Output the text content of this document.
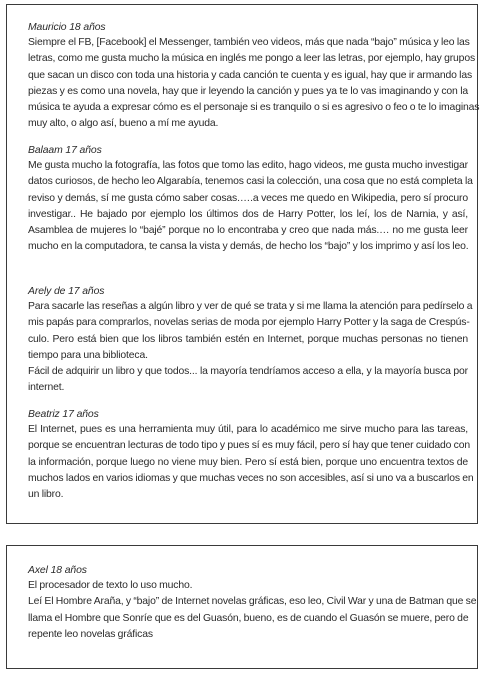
Mauricio 18 años

Siempre el FB, [Facebook] el Messenger, también veo videos, más que nada “bajo” música y leo las
letras, como me gusta mucho la música en inglés me pongo a leer las letras, por ejemplo, hay grupos
que sacan un disco con toda una historia y cada canción te cuenta y es igual, hay que ir armando las
piezas y es como una novela, hay que ir leyendo la canción y pues ya te lo vas imaginando y con la
música te ayuda a expresar cómo es el personaje si es tranquilo o si es agresivo o feo o te lo imaginas
muy alto, o algo así, bueno a mí me ayuda.

Balaam 17 años

Me gusta mucho la fotografía, las fotos que tomo las edito, hago videos, me gusta mucho investigar
datos curiosos, de hecho leo Algarabía, tenemos casi la colección, una cosa que no está completa la
reviso y demás, sí me gusta cómo saber cosas.….a veces me quedo en Wikipedia, pero sí procuro
investigar.. He bajado por ejemplo los últimos dos de Harry Potter, los leí, los de Narnia, y así,
Asamblea de mujeres lo “bajé” porque no lo encontraba y creo que nada más.… no me gusta leer
mucho en la computadora, te cansa la vista y demás, de hecho los “bajo” y los imprimo y así los leo.

Arely de 17 años

Para sacarle las reseñas a algún libro y ver de qué se trata y si me llama la atención para pedírselo a
mis papás para comprarlos, novelas serias de moda por ejemplo Harry Potter y la saga de Crespús-
culo. Pero está bien que los libros también estén en Internet, porque muchas personas no tienen
tiempo para una biblioteca.
Fácil de adquirir un libro y que todos... la mayoría tendríamos acceso a ella, y la mayoría busca por
internet.

Beatriz 17 años

El Internet, pues es una herramienta muy útil, para lo académico me sirve mucho para las tareas,
porque se encuentran lecturas de todo tipo y pues sí es muy fácil, pero sí hay que tener cuidado con
la información, porque luego no viene muy bien. Pero sí está bien, porque uno encuentra textos de
muchos lados en varios idiomas y que muchas veces no son accesibles, así si uno va a buscarlos en
un libro.

Axel 18 años

El procesador de texto lo uso mucho.
Leí El Hombre Araña, y “bajo” de Internet novelas gráficas, eso leo, Civil War y una de Batman que se
llama el Hombre que Sonríe que es del Guasón, bueno, es de cuando el Guasón se muere, pero de
repente leo novelas gráficas
